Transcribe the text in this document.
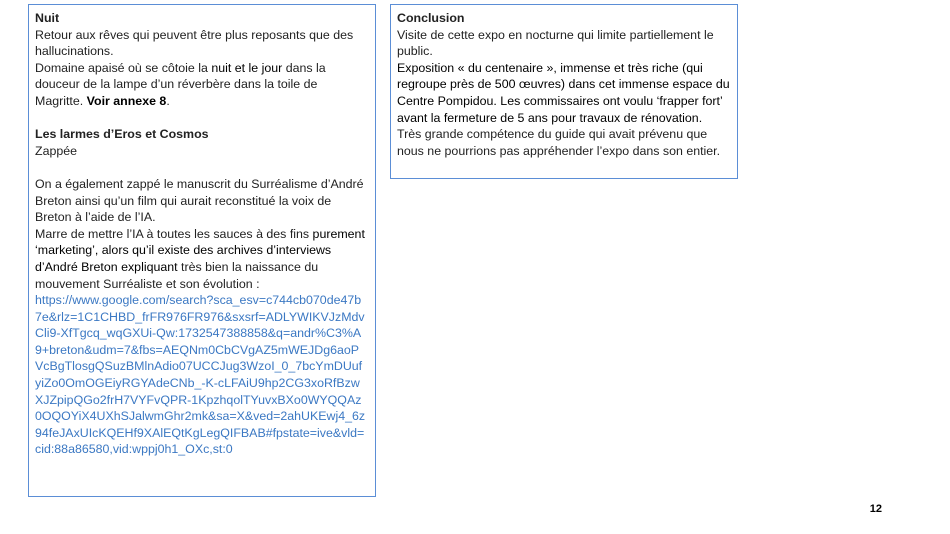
Nuit

Retour aux rêves qui peuvent être plus reposants que des hallucinations.

Domaine apaisé où se côtoie la nuit et le jour dans la douceur de la lampe d’un réverbère dans la toile de Magritte. Voir annexe 8.

Les larmes d’Eros et Cosmos

Zappée

On a également zappé le manuscrit du Surréalisme d’André Breton ainsi qu’un film qui aurait reconstitué la voix de Breton à l’aide de l’IA.

Marre de mettre l’IA à toutes les sauces à des fins purement ‘marketing’, alors qu’il existe des archives d’interviews d’André Breton expliquant très bien la naissance du mouvement Surréaliste et son évolution :

https://www.google.com/search?sca_esv=c744cb070de47b7e&rlz=1C1CHBD_frFR976FR976&sxsrf=ADLYWIKVJzMdvCli9-XfTgcq_wqGXUi-Qw:1732547388858&q=andr%C3%A9+breton&udm=7&fbs=AEQNm0CbCVgAZ5mWEJDg6aoPVcBgTlosgQSuzBMlnAdio07UCCJug3WzoI_0_7bcYmDUufyiZo0OmOGEiyRGYAdeCNb_-K-cLFAiU9hp2CG3xoRfBzwXJZpipQGo2frH7VYFvQPR-1KpzhqolTYuvxBXo0WYQQAz0OQOYiX4UXhSJalwmGhr2mk&sa=X&ved=2ahUKEwj4_6z94feJAxUIcKQEHf9XAlEQtKgLegQIFBAB#fpstate=ive&vld=cid:88a86580,vid:wppj0h1_OXc,st:0
Conclusion

Visite de cette expo en nocturne qui limite partiellement le public.

Exposition « du centenaire », immense et très riche (qui regroupe près de 500 œuvres) dans cet immense espace du Centre Pompidou. Les commissaires ont voulu ‘frapper fort’ avant la fermeture de 5 ans pour travaux de rénovation.

Très grande compétence du guide qui avait prévenu que nous ne pourrions pas appréhender l’expo dans son entier.

12
